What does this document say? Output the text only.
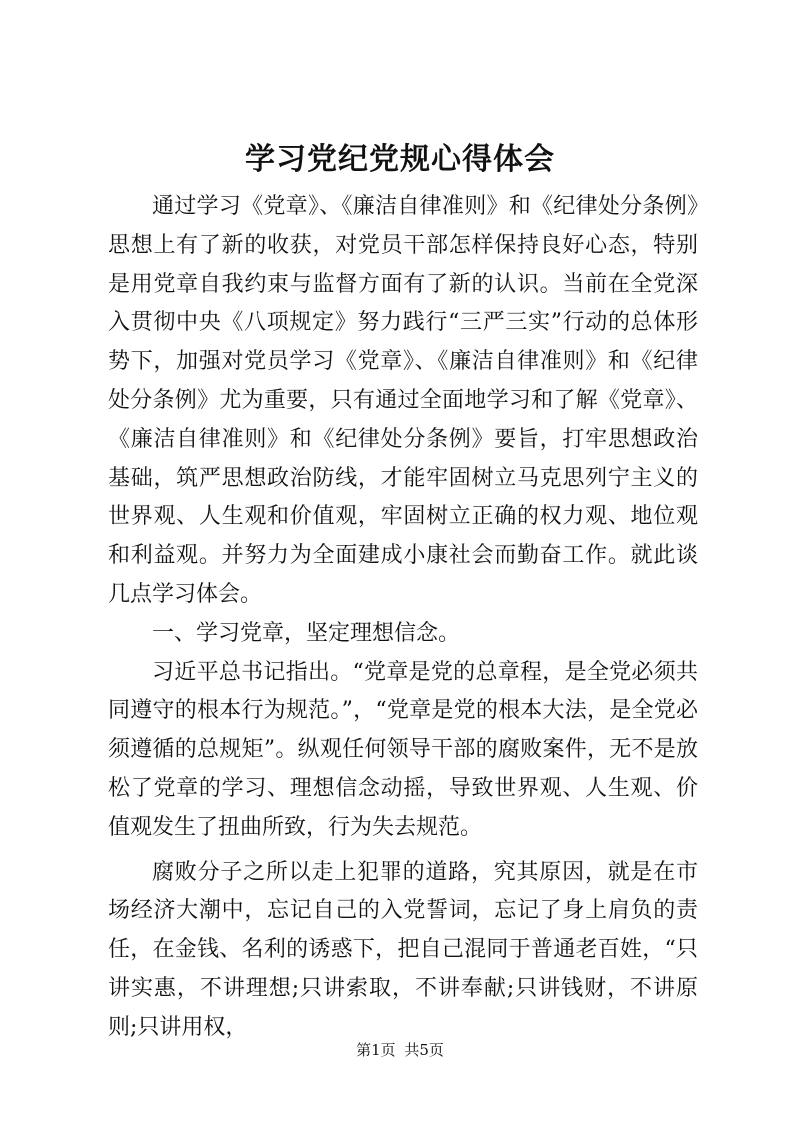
学习党纪党规心得体会

通过学习《党章》、《廉洁自律准则》和《纪律处分条例》思想上有了新的收获，对党员干部怎样保持良好心态，特别是用党章自我约束与监督方面有了新的认识。当前在全党深入贯彻中央《八项规定》努力践行“三严三实”行动的总体形势下，加强对党员学习《党章》、《廉洁自律准则》和《纪律处分条例》尤为重要，只有通过全面地学习和了解《党章》、《廉洁自律准则》和《纪律处分条例》要旨，打牢思想政治基础，筑严思想政治防线，才能牢固树立马克思列宁主义的世界观、人生观和价值观，牢固树立正确的权力观、地位观和利益观。并努力为全面建成小康社会而勤奋工作。就此谈几点学习体会。

一、学习党章，坚定理想信念。

习近平总书记指出。“党章是党的总章程，是全党必须共同遵守的根本行为规范。”，“党章是党的根本大法，是全党必须遵循的总规矩”。纵观任何领导干部的腐败案件，无不是放松了党章的学习、理想信念动摇，导致世界观、人生观、价值观发生了扭曲所致，行为失去规范。

腐败分子之所以走上犯罪的道路，究其原因，就是在市场经济大潮中，忘记自己的入党誓词，忘记了身上肩负的责任，在金钱、名利的诱惑下，把自己混同于普通老百姓，“只讲实惠，不讲理想;只讲索取，不讲奉献;只讲钱财，不讲原则;只讲用权，

第1页 共5页
